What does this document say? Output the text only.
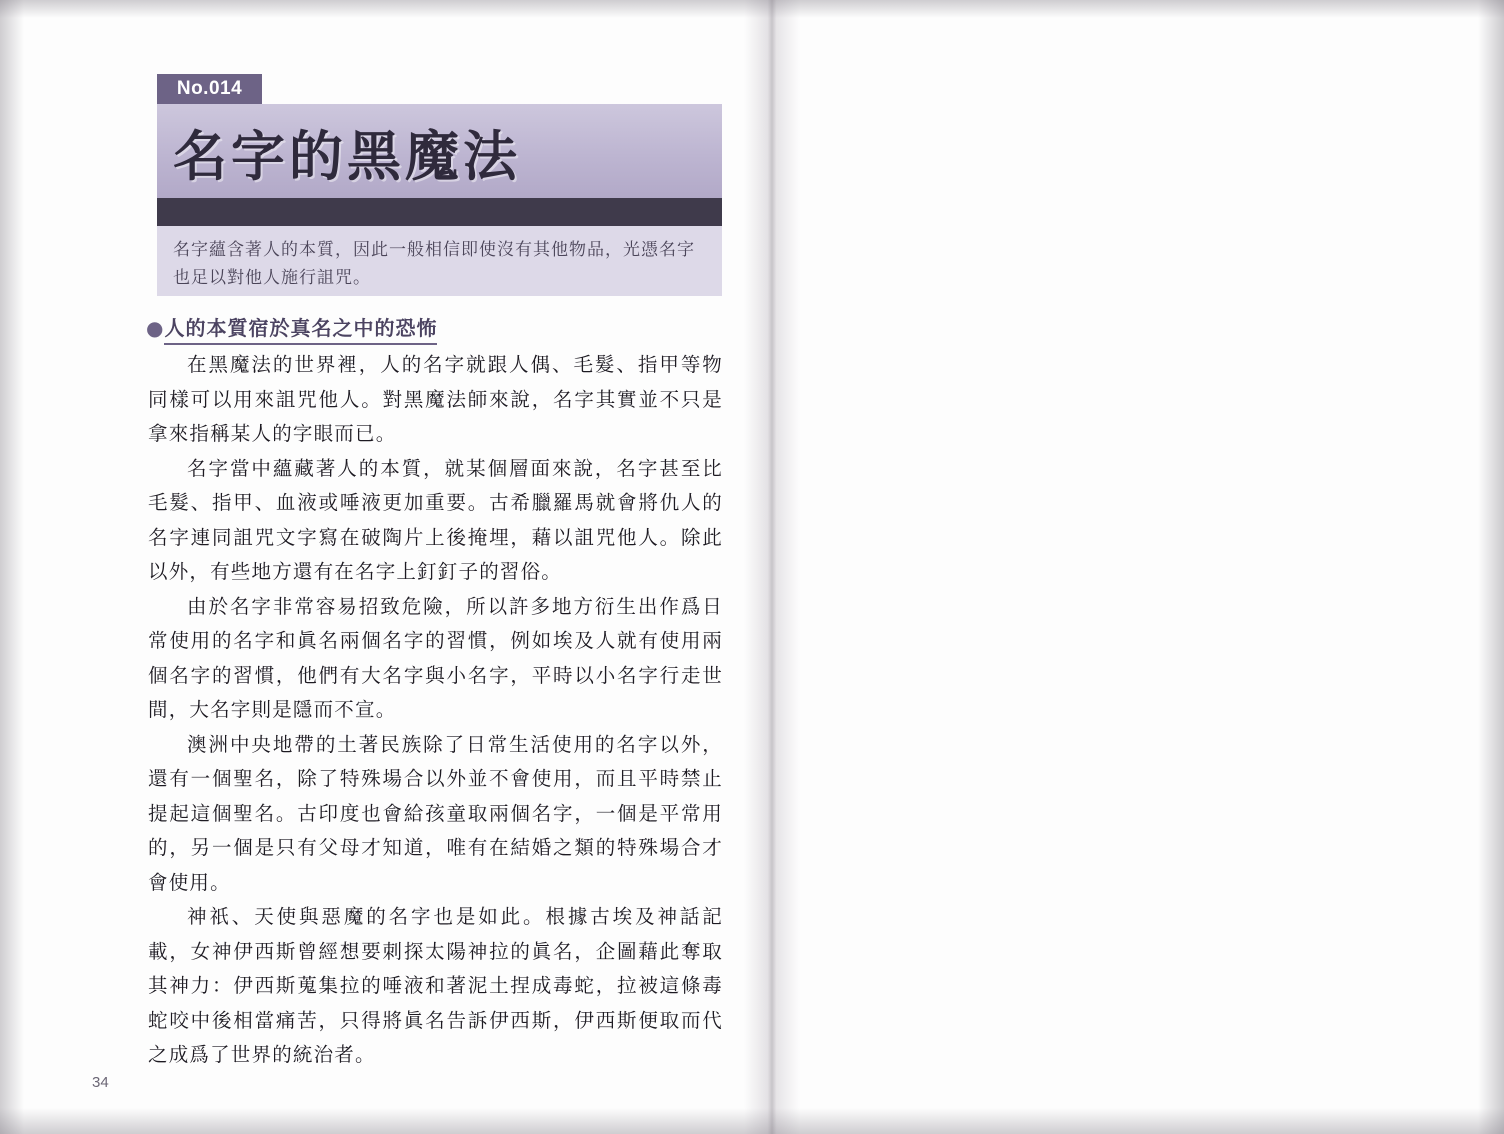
No.014
名字的黑魔法
名字蘊含著人的本質，因此一般相信即使沒有其他物品，光憑名字也足以對他人施行詛咒。
●人的本質宿於真名之中的恐怖

在黑魔法的世界裡，人的名字就跟人偶、毛髮、指甲等物同樣可以用來詛咒他人。對黑魔法師來說，名字其實並不只是拿來指稱某人的字眼而已。

名字當中蘊藏著人的本質，就某個層面來說，名字甚至比毛髮、指甲、血液或唾液更加重要。古希臘羅馬就會將仇人的名字連同詛咒文字寫在破陶片上後掩埋，藉以詛咒他人。除此以外，有些地方還有在名字上釘釘子的習俗。

由於名字非常容易招致危險，所以許多地方衍生出作爲日常使用的名字和眞名兩個名字的習慣，例如埃及人就有使用兩個名字的習慣，他們有大名字與小名字，平時以小名字行走世間，大名字則是隱而不宣。

澳洲中央地帶的土著民族除了日常生活使用的名字以外，還有一個聖名，除了特殊場合以外並不會使用，而且平時禁止提起這個聖名。古印度也會給孩童取兩個名字，一個是平常用的，另一個是只有父母才知道，唯有在結婚之類的特殊場合才會使用。

神祇、天使與惡魔的名字也是如此。根據古埃及神話記載，女神伊西斯曾經想要刺探太陽神拉的眞名，企圖藉此奪取其神力：伊西斯蒐集拉的唾液和著泥土捏成毒蛇，拉被這條毒蛇咬中後相當痛苦，只得將眞名告訴伊西斯，伊西斯便取而代之成爲了世界的統治者。

34
